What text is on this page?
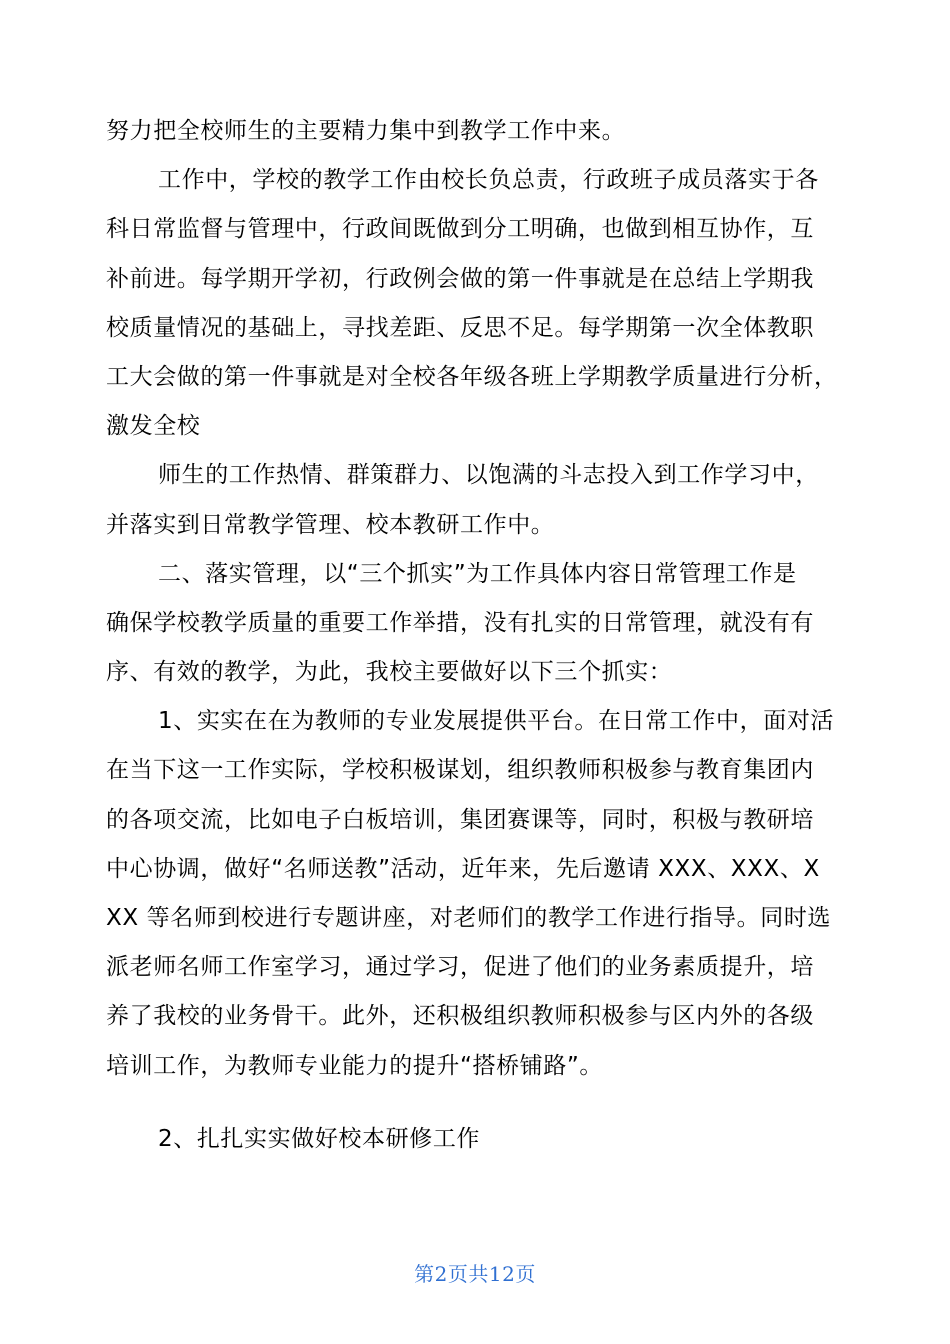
努力把全校师生的主要精力集中到教学工作中来。
工作中，学校的教学工作由校长负总责，行政班子成员落实于各
科日常监督与管理中，行政间既做到分工明确，也做到相互协作，互
补前进。每学期开学初，行政例会做的第一件事就是在总结上学期我
校质量情况的基础上，寻找差距、反思不足。每学期第一次全体教职
工大会做的第一件事就是对全校各年级各班上学期教学质量进行分析，
激发全校
师生的工作热情、群策群力、以饱满的斗志投入到工作学习中，
并落实到日常教学管理、校本教研工作中。
二、落实管理，以“三个抓实”为工作具体内容日常管理工作是
确保学校教学质量的重要工作举措，没有扎实的日常管理，就没有有
序、有效的教学，为此，我校主要做好以下三个抓实：
1、实实在在为教师的专业发展提供平台。在日常工作中，面对活
在当下这一工作实际，学校积极谋划，组织教师积极参与教育集团内
的各项交流，比如电子白板培训，集团赛课等，同时，积极与教研培
中心协调，做好“名师送教”活动，近年来，先后邀请 XXX、XXX、X
XX 等名师到校进行专题讲座，对老师们的教学工作进行指导。同时选
派老师名师工作室学习，通过学习，促进了他们的业务素质提升，培
养了我校的业务骨干。此外，还积极组织教师积极参与区内外的各级
培训工作，为教师专业能力的提升“搭桥铺路”。
2、扎扎实实做好校本研修工作
第2页共12页
